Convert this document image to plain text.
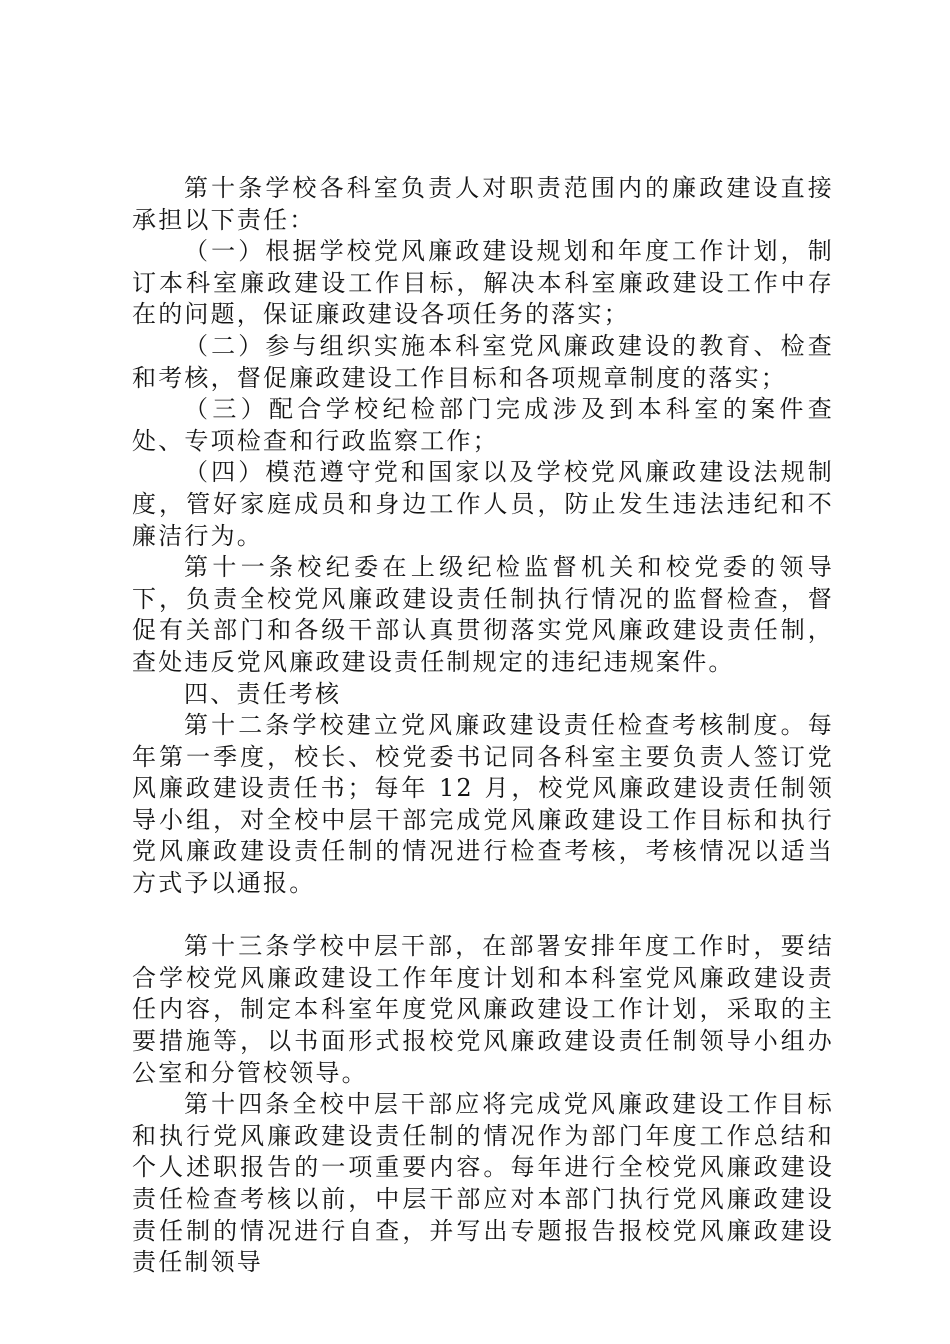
第十条学校各科室负责人对职责范围内的廉政建设直接承担以下责任：

（一）根据学校党风廉政建设规划和年度工作计划，制订本科室廉政建设工作目标，解决本科室廉政建设工作中存在的问题，保证廉政建设各项任务的落实；

（二）参与组织实施本科室党风廉政建设的教育、检查和考核，督促廉政建设工作目标和各项规章制度的落实；

（三）配合学校纪检部门完成涉及到本科室的案件查处、专项检查和行政监察工作；

（四）模范遵守党和国家以及学校党风廉政建设法规制度，管好家庭成员和身边工作人员，防止发生违法违纪和不廉洁行为。

第十一条校纪委在上级纪检监督机关和校党委的领导下，负责全校党风廉政建设责任制执行情况的监督检查，督促有关部门和各级干部认真贯彻落实党风廉政建设责任制，查处违反党风廉政建设责任制规定的违纪违规案件。

四、责任考核

第十二条学校建立党风廉政建设责任检查考核制度。每年第一季度，校长、校党委书记同各科室主要负责人签订党风廉政建设责任书；每年 12 月，校党风廉政建设责任制领导小组，对全校中层干部完成党风廉政建设工作目标和执行党风廉政建设责任制的情况进行检查考核，考核情况以适当方式予以通报。

第十三条学校中层干部，在部署安排年度工作时，要结合学校党风廉政建设工作年度计划和本科室党风廉政建设责任内容，制定本科室年度党风廉政建设工作计划，采取的主要措施等，以书面形式报校党风廉政建设责任制领导小组办公室和分管校领导。

第十四条全校中层干部应将完成党风廉政建设工作目标和执行党风廉政建设责任制的情况作为部门年度工作总结和个人述职报告的一项重要内容。每年进行全校党风廉政建设责任检查考核以前，中层干部应对本部门执行党风廉政建设责任制的情况进行自查，并写出专题报告报校党风廉政建设责任制领导
